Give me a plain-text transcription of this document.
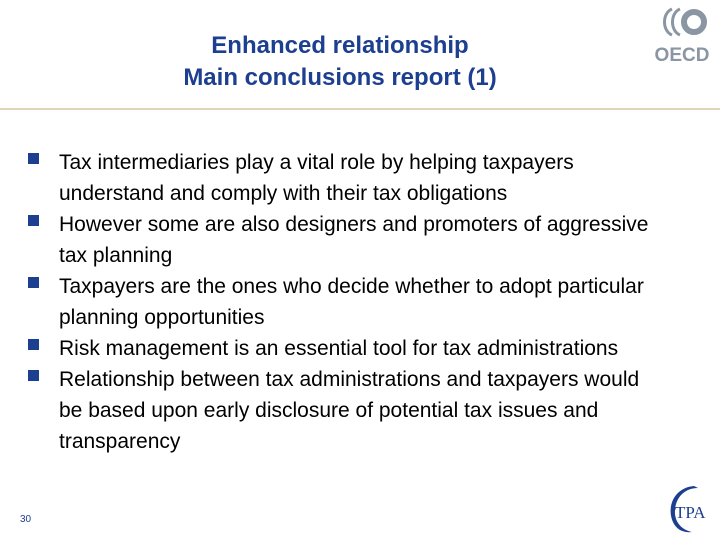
Enhanced relationship
Main conclusions report (1)
OECD
Tax intermediaries play a vital role by helping taxpayers understand and comply with their tax obligations
However some are also designers and promoters of aggressive tax planning
Taxpayers are the ones who decide whether to adopt particular planning opportunities
Risk management is an essential tool for tax administrations
Relationship between tax administrations and taxpayers would be based upon early disclosure of potential tax issues and transparency
30	TPA
